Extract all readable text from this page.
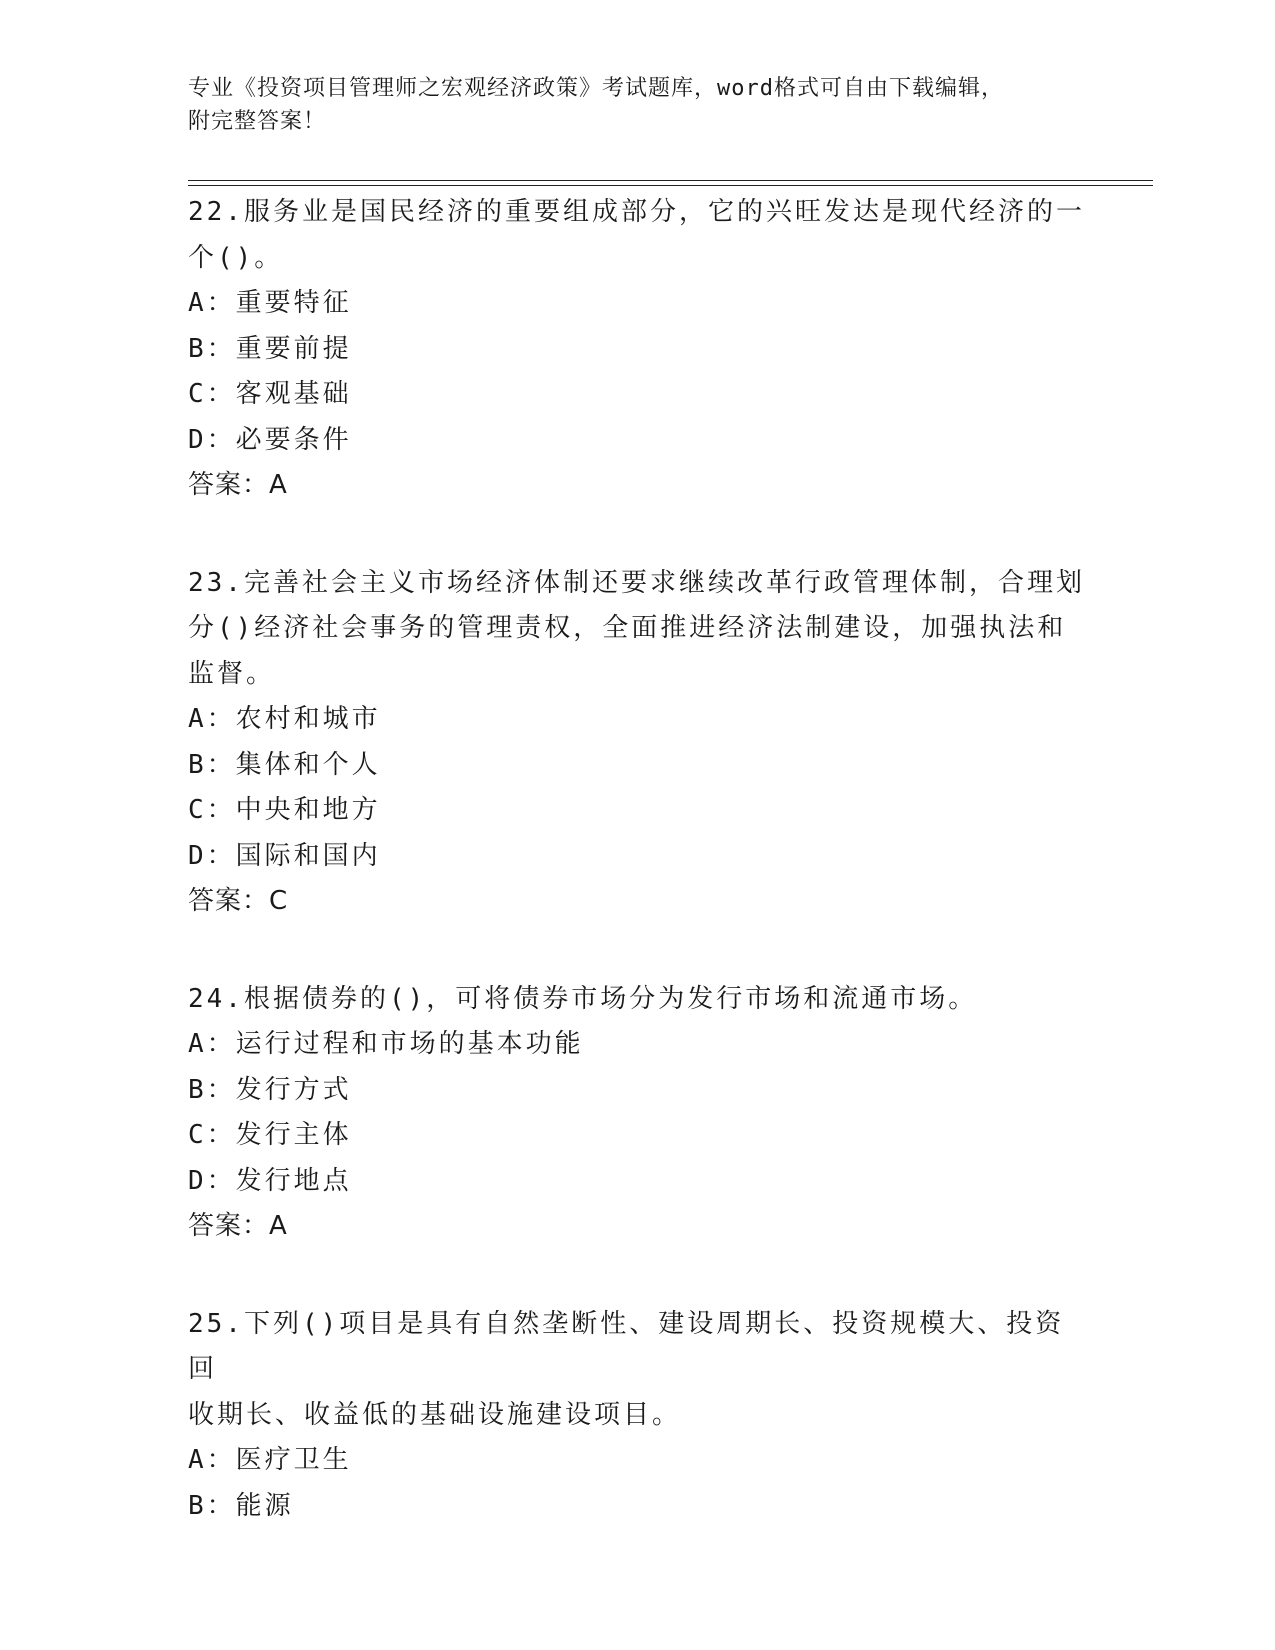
专业《投资项目管理师之宏观经济政策》考试题库，word格式可自由下载编辑，
附完整答案！
22.服务业是国民经济的重要组成部分，它的兴旺发达是现代经济的一
个()。
A：重要特征
B：重要前提
C：客观基础
D：必要条件
答案：A
23.完善社会主义市场经济体制还要求继续改革行政管理体制，合理划
分()经济社会事务的管理责权，全面推进经济法制建设，加强执法和
监督。
A：农村和城市
B：集体和个人
C：中央和地方
D：国际和国内
答案：C
24.根据债券的()，可将债券市场分为发行市场和流通市场。
A：运行过程和市场的基本功能
B：发行方式
C：发行主体
D：发行地点
答案：A
25.下列()项目是具有自然垄断性、建设周期长、投资规模大、投资回
收期长、收益低的基础设施建设项目。
A：医疗卫生
B：能源
